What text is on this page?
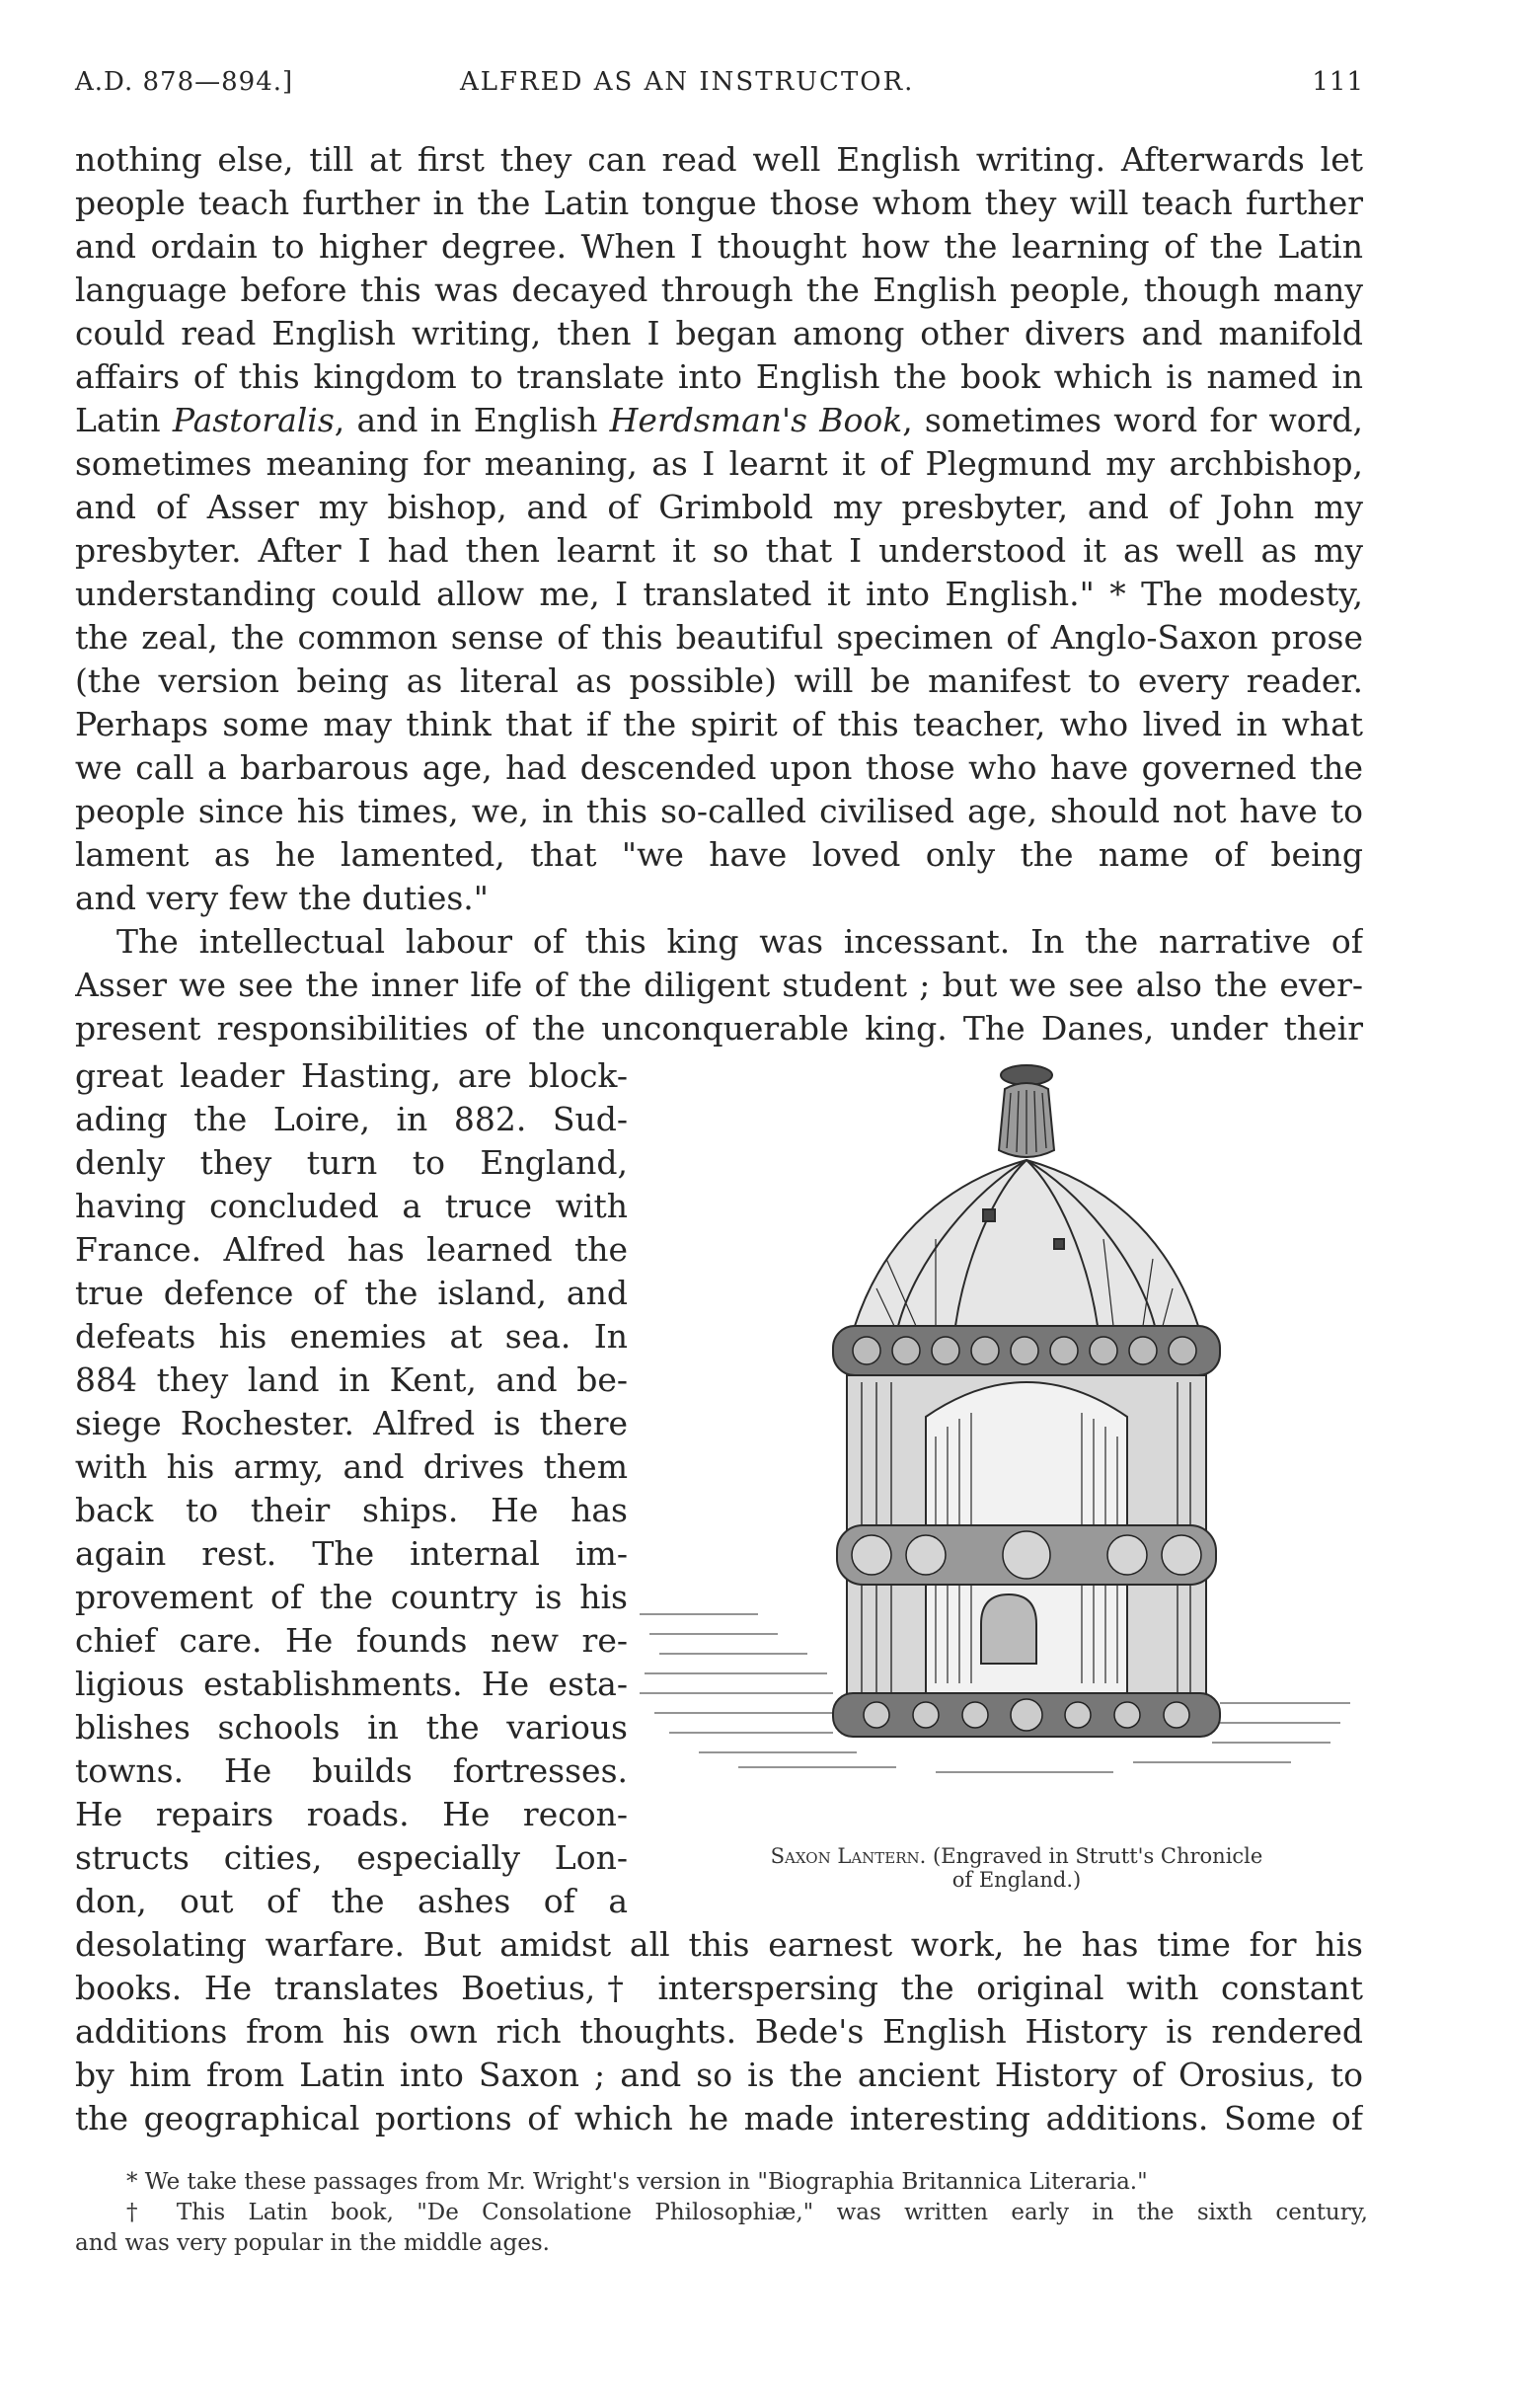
A.D. 878—894.]	ALFRED AS AN INSTRUCTOR.	111
nothing else, till at first they can read well English writing. Afterwards let
people teach further in the Latin tongue those whom they will teach further
and ordain to higher degree. When I thought how the learning of the Latin
language before this was decayed through the English people, though many
could read English writing, then I began among other divers and manifold
affairs of this kingdom to translate into English the book which is named in
Latin Pastoralis, and in English Herdsman's Book, sometimes word for word,
sometimes meaning for meaning, as I learnt it of Plegmund my archbishop,
and of Asser my bishop, and of Grimbold my presbyter, and of John my
presbyter. After I had then learnt it so that I understood it as well as my
understanding could allow me, I translated it into English." * The modesty,
the zeal, the common sense of this beautiful specimen of Anglo-Saxon prose
(the version being as literal as possible) will be manifest to every reader.
Perhaps some may think that if the spirit of this teacher, who lived in what
we call a barbarous age, had descended upon those who have governed the
people since his times, we, in this so-called civilised age, should not have to
lament as he lamented, that "we have loved only the name of being
and very few the duties."
The intellectual labour of this king was incessant. In the narrative of
Asser we see the inner life of the diligent student ; but we see also the ever-
present responsibilities of the unconquerable king. The Danes, under their
great leader Hasting, are block-
ading the Loire, in 882. Sud-
denly they turn to England,
having concluded a truce with
France. Alfred has learned the
true defence of the island, and
defeats his enemies at sea. In
884 they land in Kent, and be-
siege Rochester. Alfred is there
with his army, and drives them
back to their ships. He has
again rest. The internal im-
provement of the country is his
chief care. He founds new re-
ligious establishments. He esta-
blishes schools in the various
towns. He builds fortresses.
He repairs roads. He recon-
structs cities, especially Lon-
don, out of the ashes of a
Saxon Lantern. (Engraved in Strutt's Chronicle
of England.)
desolating warfare. But amidst all this earnest work, he has time for his
books. He translates Boetius,† interspersing the original with constant
additions from his own rich thoughts. Bede's English History is rendered
by him from Latin into Saxon ; and so is the ancient History of Orosius, to
the geographical portions of which he made interesting additions. Some of
* We take these passages from Mr. Wright's version in "Biographia Britannica Literaria."
† This Latin book, "De Consolatione Philosophiæ," was written early in the sixth century,
and was very popular in the middle ages.
